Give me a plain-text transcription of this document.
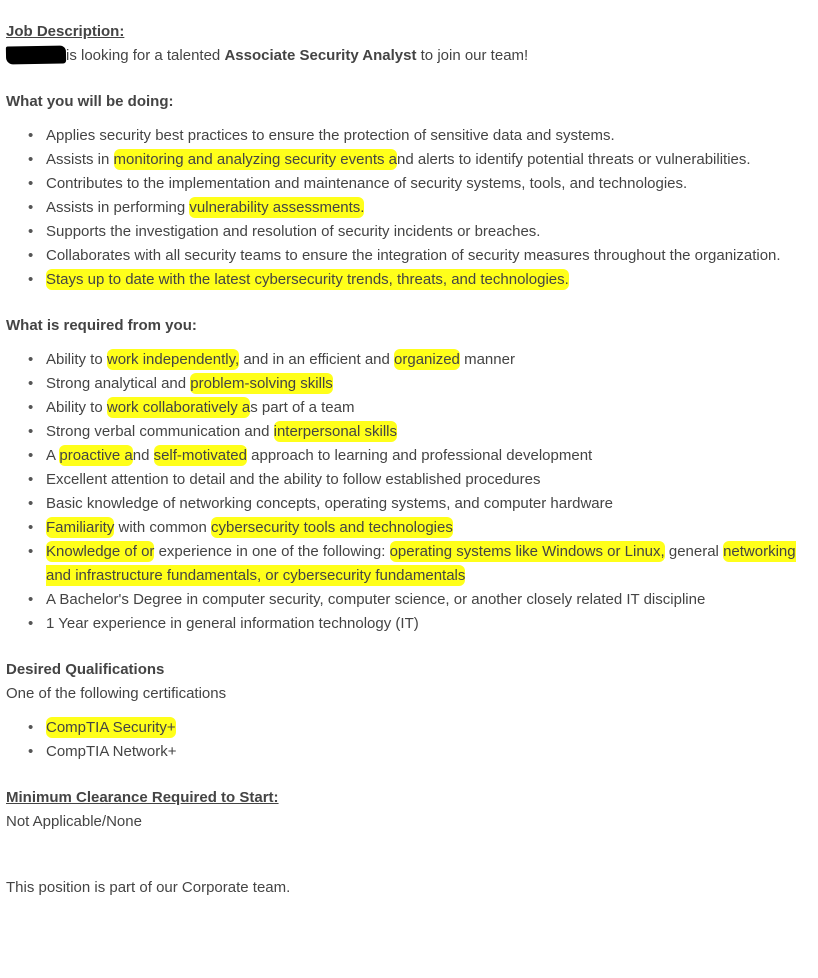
Job Description:
is looking for a talented Associate Security Analyst to join our team!
What you will be doing:
• Applies security best practices to ensure the protection of sensitive data and systems.
• Assists in monitoring and analyzing security events and alerts to identify potential threats or vulnerabilities.
• Contributes to the implementation and maintenance of security systems, tools, and technologies.
• Assists in performing vulnerability assessments.
• Supports the investigation and resolution of security incidents or breaches.
• Collaborates with all security teams to ensure the integration of security measures throughout the organization.
• Stays up to date with the latest cybersecurity trends, threats, and technologies.
What is required from you:
• Ability to work independently, and in an efficient and organized manner
• Strong analytical and problem-solving skills
• Ability to work collaboratively as part of a team
• Strong verbal communication and interpersonal skills
• A proactive and self-motivated approach to learning and professional development
• Excellent attention to detail and the ability to follow established procedures
• Basic knowledge of networking concepts, operating systems, and computer hardware
• Familiarity with common cybersecurity tools and technologies
• Knowledge of or experience in one of the following: operating systems like Windows or Linux, general networking and infrastructure fundamentals, or cybersecurity fundamentals
• A Bachelor's Degree in computer security, computer science, or another closely related IT discipline
• 1 Year experience in general information technology (IT)
Desired Qualifications
One of the following certifications
• CompTIA Security+
• CompTIA Network+
Minimum Clearance Required to Start:
Not Applicable/None
This position is part of our Corporate team.
